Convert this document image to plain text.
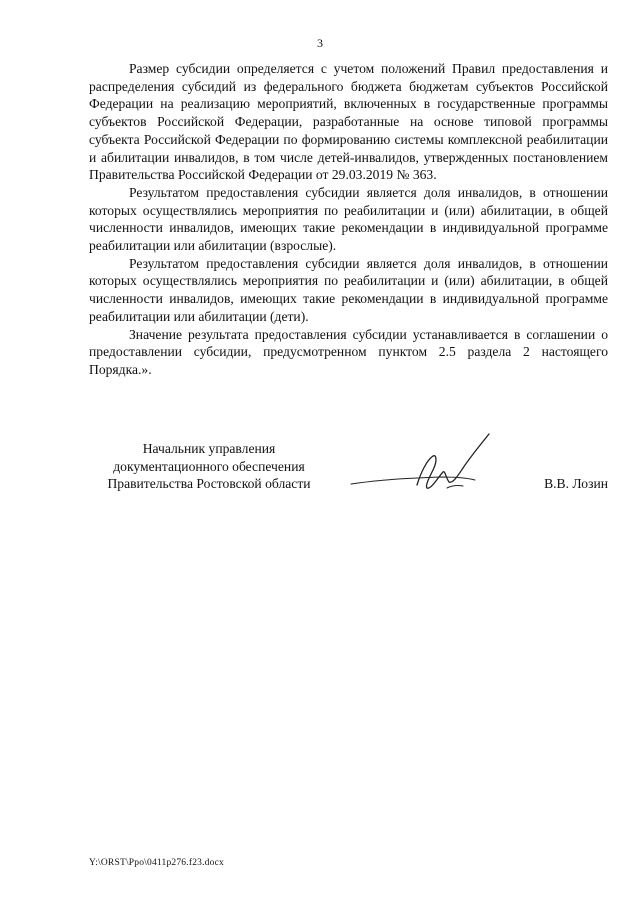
3

Размер субсидии определяется с учетом положений Правил предоставления и распределения субсидий из федерального бюджета бюджетам субъектов Российской Федерации на реализацию мероприятий, включенных в государственные программы субъектов Российской Федерации, разработанные на основе типовой программы субъекта Российской Федерации по формированию системы комплексной реабилитации и абилитации инвалидов, в том числе детей-инвалидов, утвержденных постановлением Правительства Российской Федерации от 29.03.2019 № 363.

Результатом предоставления субсидии является доля инвалидов, в отношении которых осуществлялись мероприятия по реабилитации и (или) абилитации, в общей численности инвалидов, имеющих такие рекомендации в индивидуальной программе реабилитации или абилитации (взрослые).

Результатом предоставления субсидии является доля инвалидов, в отношении которых осуществлялись мероприятия по реабилитации и (или) абилитации, в общей численности инвалидов, имеющих такие рекомендации в индивидуальной программе реабилитации или абилитации (дети).

Значение результата предоставления субсидии устанавливается в соглашении о предоставлении субсидии, предусмотренном пунктом 2.5 раздела 2 настоящего Порядка.».

Начальник управления
документационного обеспечения
Правительства Ростовской области	В.В. Лозин
Y:\ORST\Ppo\0411p276.f23.docx
